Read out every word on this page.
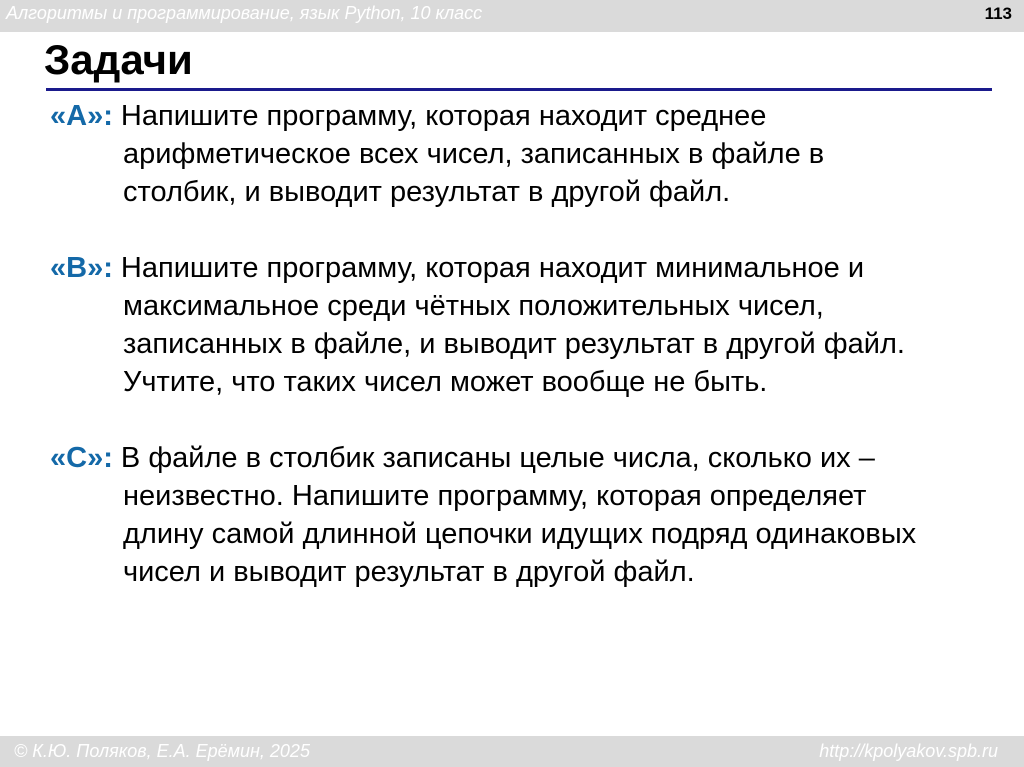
Алгоритмы и программирование, язык Python, 10 класс	113
Задачи
«A»: Напишите программу, которая находит среднее
арифметическое всех чисел, записанных в файле в
столбик, и выводит результат в другой файл.
«B»: Напишите программу, которая находит минимальное и
максимальное среди чётных положительных чисел,
записанных в файле, и выводит результат в другой файл.
Учтите, что таких чисел может вообще не быть.
«C»: В файле в столбик записаны целые числа, сколько их –
неизвестно. Напишите программу, которая определяет
длину самой длинной цепочки идущих подряд одинаковых
чисел и выводит результат в другой файл.
© К.Ю. Поляков, Е.А. Ерёмин, 2025	http://kpolyakov.spb.ru
